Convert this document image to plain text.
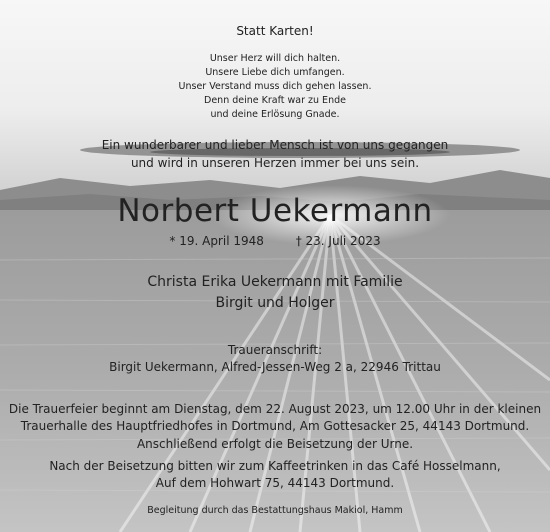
Statt Karten!
Unser Herz will dich halten.
Unsere Liebe dich umfangen.
Unser Verstand muss dich gehen lassen.
Denn deine Kraft war zu Ende
und deine Erlösung Gnade.
Ein wunderbarer und lieber Mensch ist von uns gegangen
und wird in unseren Herzen immer bei uns sein.
Norbert Uekermann
* 19. April 1948	† 23. Juli 2023
Christa Erika Uekermann mit Familie
Birgit und Holger
Traueranschrift:
Birgit Uekermann, Alfred-Jessen-Weg 2 a, 22946 Trittau
Die Trauerfeier beginnt am Dienstag, dem 22. August 2023, um 12.00 Uhr in der kleinen
Trauerhalle des Hauptfriedhofes in Dortmund, Am Gottesacker 25, 44143 Dortmund.
Anschließend erfolgt die Beisetzung der Urne.
Nach der Beisetzung bitten wir zum Kaffeetrinken in das Café Hosselmann,
Auf dem Hohwart 75, 44143 Dortmund.
Begleitung durch das Bestattungshaus Makiol, Hamm
